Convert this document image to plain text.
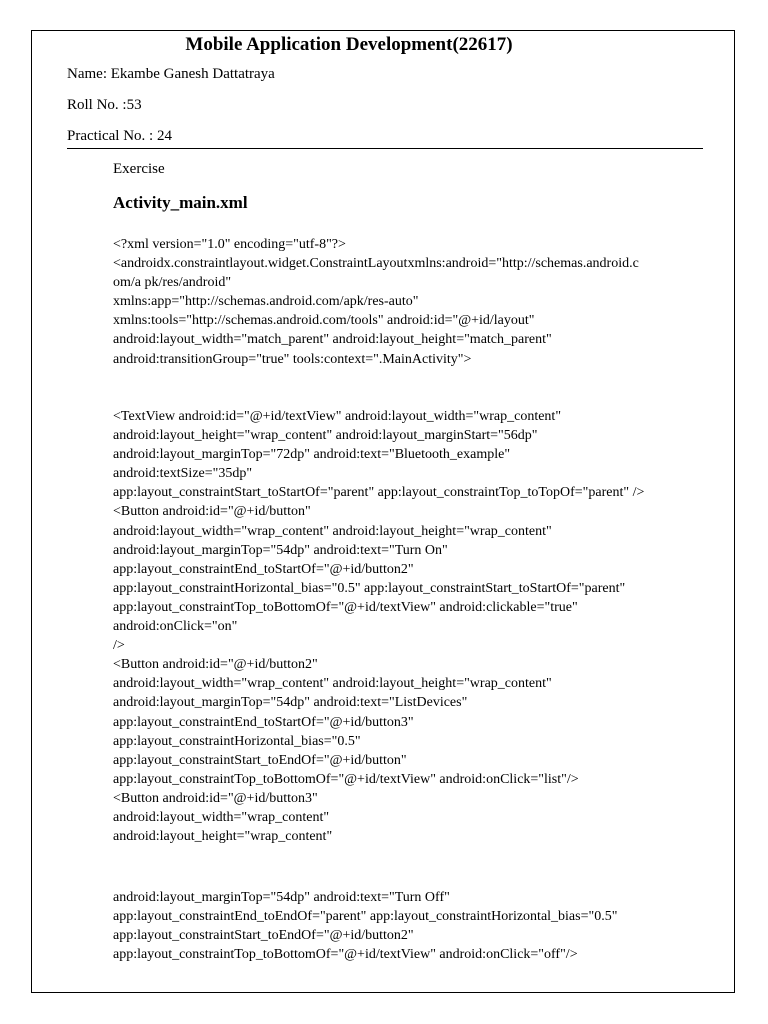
Mobile Application Development(22617)
Name: Ekambe Ganesh Dattatraya
Roll No. :53
Practical No. : 24
Exercise
Activity_main.xml
<?xml version="1.0" encoding="utf-8"?>
<androidx.constraintlayout.widget.ConstraintLayoutxmlns:android="http://schemas.android.c
om/a pk/res/android"
xmlns:app="http://schemas.android.com/apk/res-auto"
xmlns:tools="http://schemas.android.com/tools" android:id="@+id/layout"
android:layout_width="match_parent" android:layout_height="match_parent"
android:transitionGroup="true" tools:context=".MainActivity">
<TextView android:id="@+id/textView" android:layout_width="wrap_content"
android:layout_height="wrap_content" android:layout_marginStart="56dp"
android:layout_marginTop="72dp" android:text="Bluetooth_example"
android:textSize="35dp"
app:layout_constraintStart_toStartOf="parent" app:layout_constraintTop_toTopOf="parent" />
<Button android:id="@+id/button"
android:layout_width="wrap_content" android:layout_height="wrap_content"
android:layout_marginTop="54dp" android:text="Turn On"
app:layout_constraintEnd_toStartOf="@+id/button2"
app:layout_constraintHorizontal_bias="0.5" app:layout_constraintStart_toStartOf="parent"
app:layout_constraintTop_toBottomOf="@+id/textView" android:clickable="true"
android:onClick="on"
/>
<Button android:id="@+id/button2"
android:layout_width="wrap_content" android:layout_height="wrap_content"
android:layout_marginTop="54dp" android:text="ListDevices"
app:layout_constraintEnd_toStartOf="@+id/button3"
app:layout_constraintHorizontal_bias="0.5"
app:layout_constraintStart_toEndOf="@+id/button"
app:layout_constraintTop_toBottomOf="@+id/textView" android:onClick="list"/>
<Button android:id="@+id/button3"
android:layout_width="wrap_content"
android:layout_height="wrap_content"
android:layout_marginTop="54dp" android:text="Turn Off"
app:layout_constraintEnd_toEndOf="parent" app:layout_constraintHorizontal_bias="0.5"
app:layout_constraintStart_toEndOf="@+id/button2"
app:layout_constraintTop_toBottomOf="@+id/textView" android:onClick="off"/>
